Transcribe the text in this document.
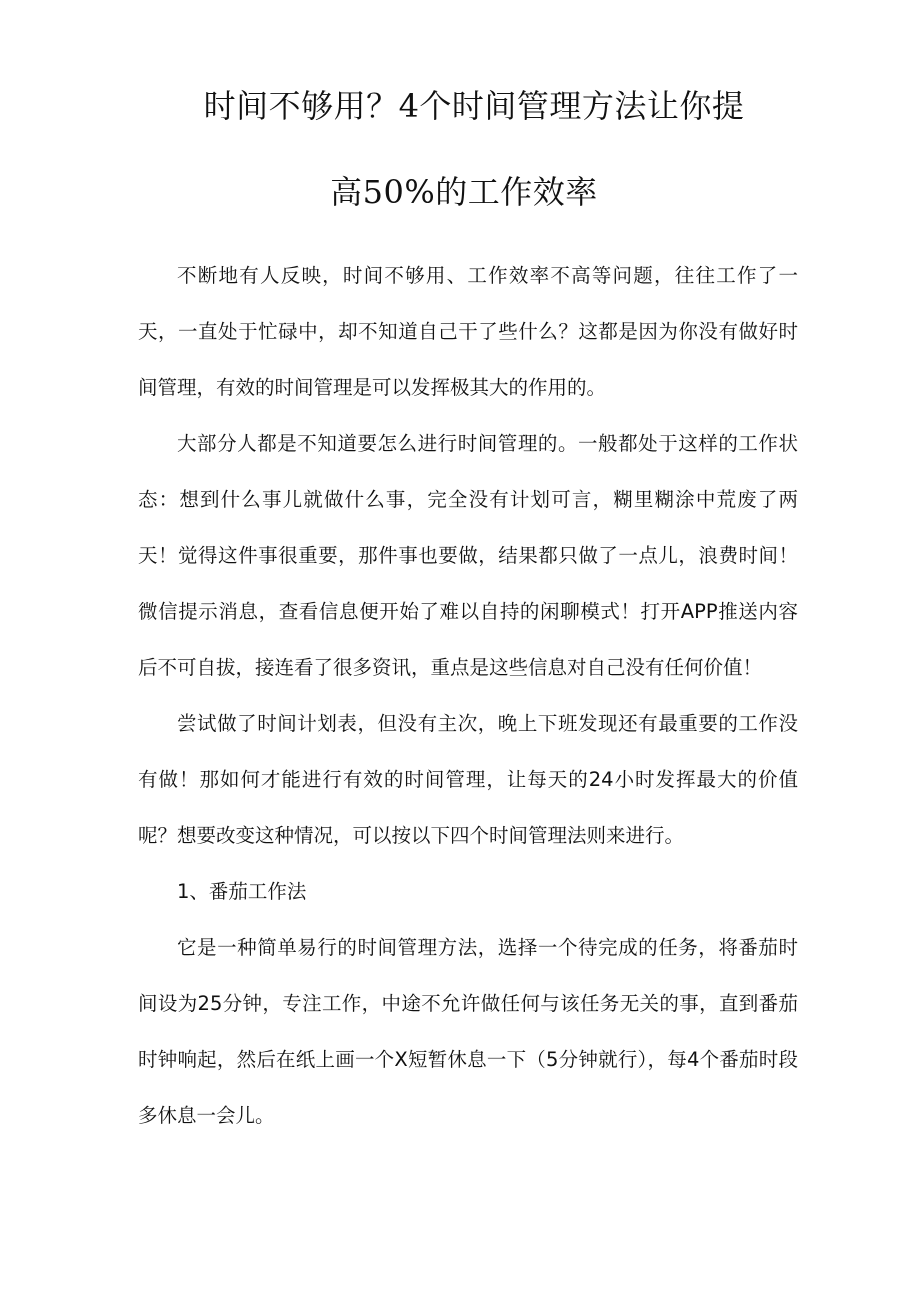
时间不够用？4个时间管理方法让你提
高50%的工作效率

不断地有人反映，时间不够用、工作效率不高等问题，往往工作了一天，一直处于忙碌中，却不知道自己干了些什么？这都是因为你没有做好时间管理，有效的时间管理是可以发挥极其大的作用的。

大部分人都是不知道要怎么进行时间管理的。一般都处于这样的工作状态：想到什么事儿就做什么事，完全没有计划可言，糊里糊涂中荒废了两天！觉得这件事很重要，那件事也要做，结果都只做了一点儿，浪费时间！微信提示消息，查看信息便开始了难以自持的闲聊模式！打开APP推送内容后不可自拔，接连看了很多资讯，重点是这些信息对自己没有任何价值！

尝试做了时间计划表，但没有主次，晚上下班发现还有最重要的工作没有做！那如何才能进行有效的时间管理，让每天的24小时发挥最大的价值呢？想要改变这种情况，可以按以下四个时间管理法则来进行。

1、番茄工作法

它是一种简单易行的时间管理方法，选择一个待完成的任务，将番茄时间设为25分钟，专注工作，中途不允许做任何与该任务无关的事，直到番茄时钟响起，然后在纸上画一个X短暂休息一下（5分钟就行），每4个番茄时段多休息一会儿。
